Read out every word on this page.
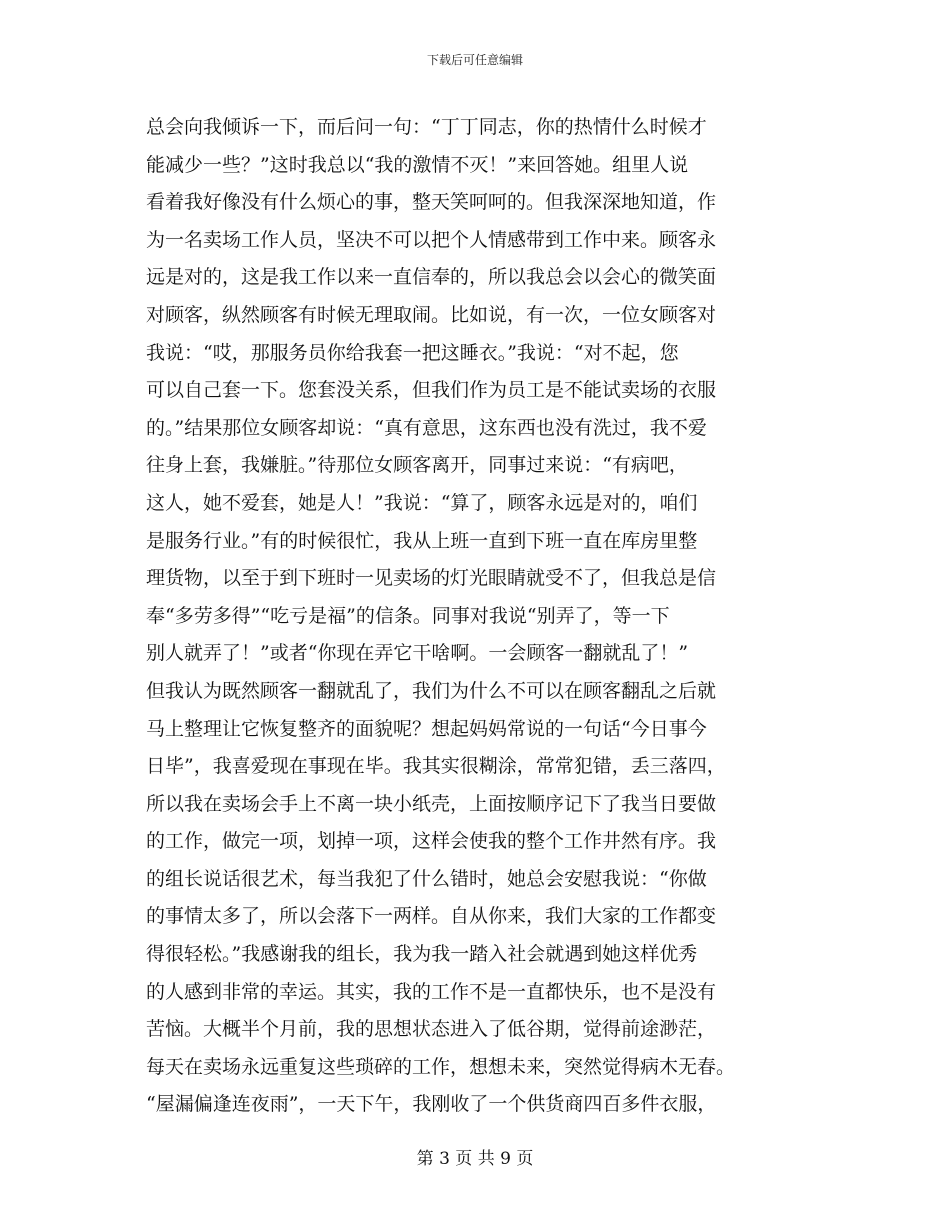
下载后可任意编辑

总会向我倾诉一下，而后问一句：“丁丁同志，你的热情什么时候才

能减少一些？”这时我总以“我的激情不灭！”来回答她。组里人说

看着我好像没有什么烦心的事，整天笑呵呵的。但我深深地知道，作

为一名卖场工作人员，坚决不可以把个人情感带到工作中来。顾客永

远是对的，这是我工作以来一直信奉的，所以我总会以会心的微笑面

对顾客，纵然顾客有时候无理取闹。比如说，有一次，一位女顾客对

我说：“哎，那服务员你给我套一把这睡衣。”我说：“对不起，您

可以自己套一下。您套没关系，但我们作为员工是不能试卖场的衣服

的。”结果那位女顾客却说：“真有意思，这东西也没有洗过，我不爱

往身上套，我嫌脏。”待那位女顾客离开，同事过来说：“有病吧，

这人，她不爱套，她是人！”我说：“算了，顾客永远是对的，咱们

是服务行业。”有的时候很忙，我从上班一直到下班一直在库房里整

理货物，以至于到下班时一见卖场的灯光眼睛就受不了，但我总是信

奉“多劳多得”“吃亏是福”的信条。同事对我说“别弄了，等一下

别人就弄了！”或者“你现在弄它干啥啊。一会顾客一翻就乱了！”

但我认为既然顾客一翻就乱了，我们为什么不可以在顾客翻乱之后就

马上整理让它恢复整齐的面貌呢？想起妈妈常说的一句话“今日事今

日毕”，我喜爱现在事现在毕。我其实很糊涂，常常犯错，丢三落四，

所以我在卖场会手上不离一块小纸壳，上面按顺序记下了我当日要做

的工作，做完一项，划掉一项，这样会使我的整个工作井然有序。我

的组长说话很艺术，每当我犯了什么错时，她总会安慰我说：“你做

的事情太多了，所以会落下一两样。自从你来，我们大家的工作都变

得很轻松。”我感谢我的组长，我为我一踏入社会就遇到她这样优秀

的人感到非常的幸运。其实，我的工作不是一直都快乐，也不是没有

苦恼。大概半个月前，我的思想状态进入了低谷期，觉得前途渺茫，

每天在卖场永远重复这些琐碎的工作，想想未来，突然觉得病木无春。

“屋漏偏逢连夜雨”，一天下午，我刚收了一个供货商四百多件衣服，

第 3 页 共 9 页
